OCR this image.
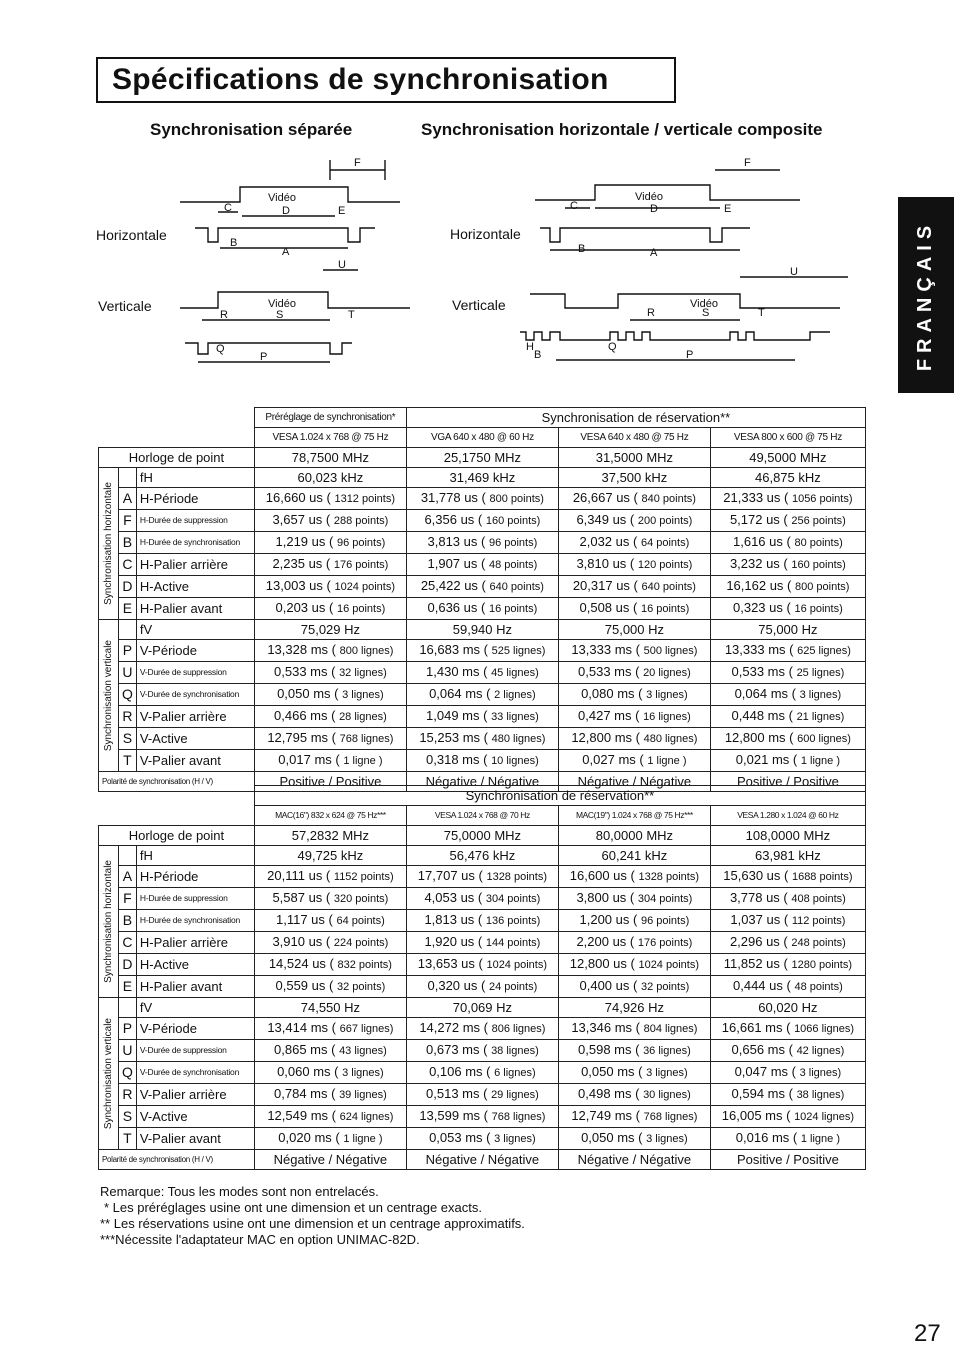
Spécifications de synchronisation
Synchronisation séparée	Synchronisation horizontale / verticale composite
FRANÇAIS
Vidéo
Vidéo
Vidéo
Vidéo
F	F
C	D	E
B
A
C	D	E
B	A
U
U
R	S	T	R	S	T
Q
P
Q
P
H
B
Horizontale
Verticale
Horizontale
Verticale
			Préréglage de synchronisation*	Synchronisation de réservation**		
			VESA 1.024 x 768 @ 75 Hz	VGA 640 x 480 @ 60 Hz	VESA 640 x 480 @ 75 Hz	VESA 800 x 600 @ 75 Hz
Horloge de point			78,7500 MHz	25,1750 MHz	31,5000 MHz	49,5000 MHz

Synchronisation horizontale		fH	60,023 kHz	31,469 kHz	37,500 kHz	46,875 kHz
	A	H-Période	16,660 us ( 1312 points)	31,778 us ( 800 points)	26,667 us ( 840 points)	21,333 us ( 1056 points)
	F	H-Durée de suppression	3,657 us ( 288 points)	6,356 us ( 160 points)	6,349 us ( 200 points)	5,172 us ( 256 points)
	B	H-Durée de synchronisation	1,219 us ( 96 points)	3,813 us ( 96 points)	2,032 us ( 64 points)	1,616 us ( 80 points)
	C	H-Palier arrière	2,235 us ( 176 points)	1,907 us ( 48 points)	3,810 us ( 120 points)	3,232 us ( 160 points)
	D	H-Active	13,003 us ( 1024 points)	25,422 us ( 640 points)	20,317 us ( 640 points)	16,162 us ( 800 points)
	E	H-Palier avant	0,203 us ( 16 points)	0,636 us ( 16 points)	0,508 us ( 16 points)	0,323 us ( 16 points)

Synchronisation verticale		fV	75,029 Hz	59,940 Hz	75,000 Hz	75,000 Hz
	P	V-Période	13,328 ms ( 800 lignes)	16,683 ms ( 525 lignes)	13,333 ms ( 500 lignes)	13,333 ms ( 625 lignes)
	U	V-Durée de suppression	0,533 ms ( 32 lignes)	1,430 ms ( 45 lignes)	0,533 ms ( 20 lignes)	0,533 ms ( 25 lignes)
	Q	V-Durée de synchronisation	0,050 ms ( 3 lignes)	0,064 ms ( 2 lignes)	0,080 ms ( 3 lignes)	0,064 ms ( 3 lignes)
	R	V-Palier arrière	0,466 ms ( 28 lignes)	1,049 ms ( 33 lignes)	0,427 ms ( 16 lignes)	0,448 ms ( 21 lignes)
	S	V-Active	12,795 ms ( 768 lignes)	15,253 ms ( 480 lignes)	12,800 ms ( 480 lignes)	12,800 ms ( 600 lignes)
	T	V-Palier avant	0,017 ms ( 1 ligne )	0,318 ms ( 10 lignes)	0,027 ms ( 1 ligne )	0,021 ms ( 1 ligne )
Polarité de synchronisation (H / V)			Positive / Positive	Négative / Négative	Négative / Négative	Positive / Positive
			Synchronisation de réservation**			
			MAC(16") 832 x 624 @ 75 Hz***	VESA 1.024 x 768 @ 70 Hz	MAC(19") 1.024 x 768 @ 75 Hz***	VESA 1.280 x 1.024 @ 60 Hz
Horloge de point			57,2832 MHz	75,0000 MHz	80,0000 MHz	108,0000 MHz

Synchronisation horizontale		fH	49,725 kHz	56,476 kHz	60,241 kHz	63,981 kHz
	A	H-Période	20,111 us ( 1152 points)	17,707 us ( 1328 points)	16,600 us ( 1328 points)	15,630 us ( 1688 points)
	F	H-Durée de suppression	5,587 us ( 320 points)	4,053 us ( 304 points)	3,800 us ( 304 points)	3,778 us ( 408 points)
	B	H-Durée de synchronisation	1,117 us ( 64 points)	1,813 us ( 136 points)	1,200 us ( 96 points)	1,037 us ( 112 points)
	C	H-Palier arrière	3,910 us ( 224 points)	1,920 us ( 144 points)	2,200 us ( 176 points)	2,296 us ( 248 points)
	D	H-Active	14,524 us ( 832 points)	13,653 us ( 1024 points)	12,800 us ( 1024 points)	11,852 us ( 1280 points)
	E	H-Palier avant	0,559 us ( 32 points)	0,320 us ( 24 points)	0,400 us ( 32 points)	0,444 us ( 48 points)

Synchronisation verticale		fV	74,550 Hz	70,069 Hz	74,926 Hz	60,020 Hz
	P	V-Période	13,414 ms ( 667 lignes)	14,272 ms ( 806 lignes)	13,346 ms ( 804 lignes)	16,661 ms ( 1066 lignes)
	U	V-Durée de suppression	0,865 ms ( 43 lignes)	0,673 ms ( 38 lignes)	0,598 ms ( 36 lignes)	0,656 ms ( 42 lignes)
	Q	V-Durée de synchronisation	0,060 ms ( 3 lignes)	0,106 ms ( 6 lignes)	0,050 ms ( 3 lignes)	0,047 ms ( 3 lignes)
	R	V-Palier arrière	0,784 ms ( 39 lignes)	0,513 ms ( 29 lignes)	0,498 ms ( 30 lignes)	0,594 ms ( 38 lignes)
	S	V-Active	12,549 ms ( 624 lignes)	13,599 ms ( 768 lignes)	12,749 ms ( 768 lignes)	16,005 ms ( 1024 lignes)
	T	V-Palier avant	0,020 ms ( 1 ligne )	0,053 ms ( 3 lignes)	0,050 ms ( 3 lignes)	0,016 ms ( 1 ligne )
Polarité de synchronisation (H / V)			Négative / Négative	Négative / Négative	Négative / Négative	Positive / Positive
Remarque: Tous les modes sont non entrelacés.
* Les préréglages usine ont une dimension et un centrage exacts.
** Les réservations usine ont une dimension et un centrage approximatifs.
***Nécessite l'adaptateur MAC en option UNIMAC-82D.
27
